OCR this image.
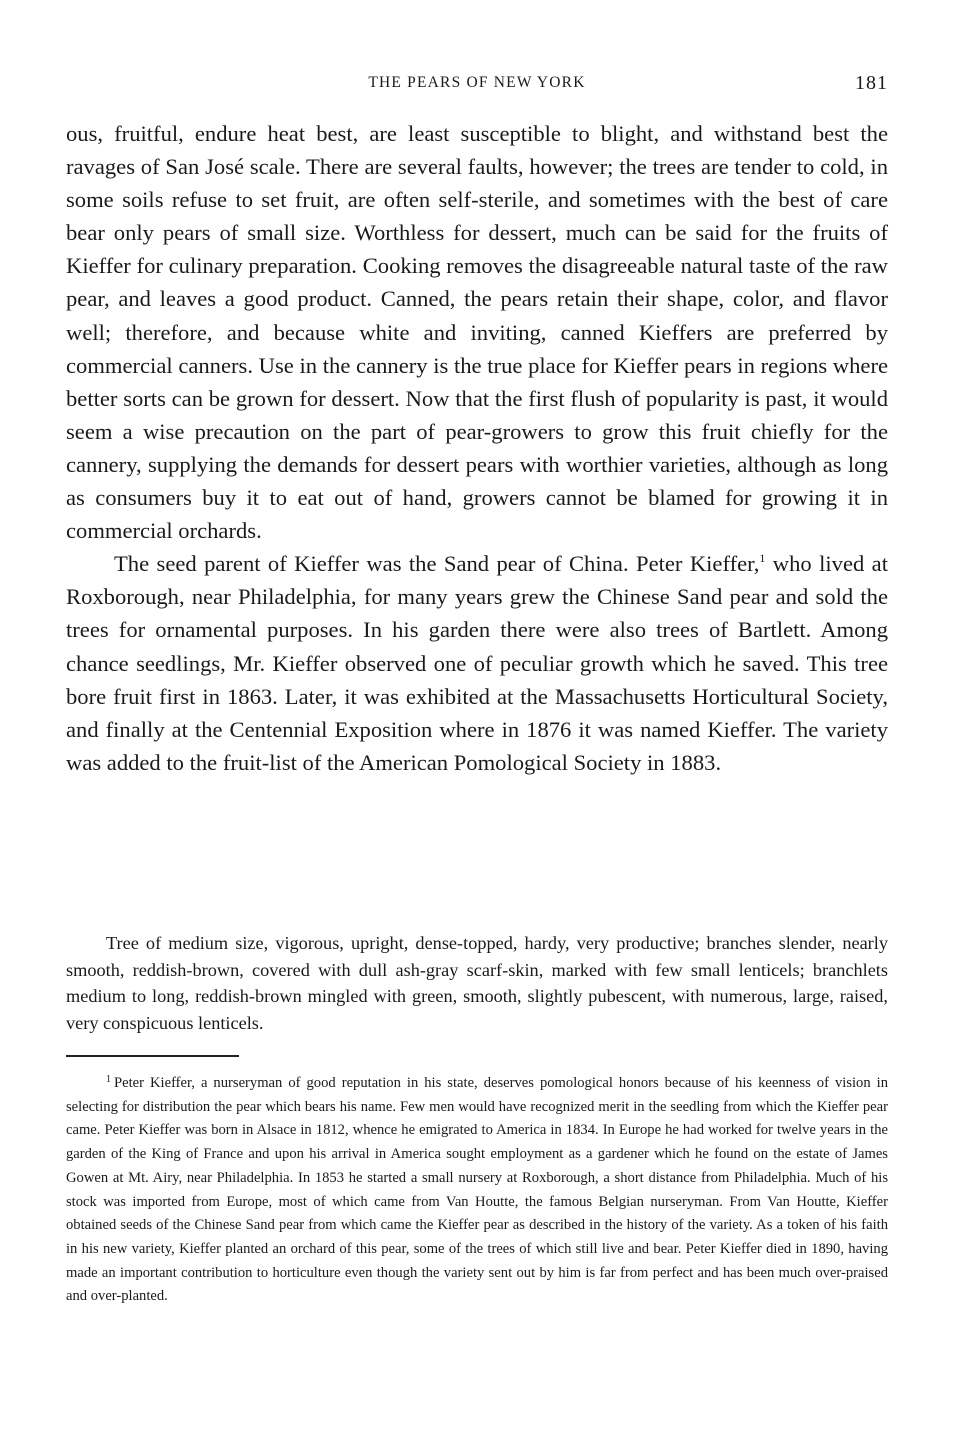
THE PEARS OF NEW YORK	181

ous, fruitful, endure heat best, are least susceptible to blight, and withstand best the ravages of San José scale. There are several faults, however; the trees are tender to cold, in some soils refuse to set fruit, are often self-sterile, and sometimes with the best of care bear only pears of small size. Worthless for dessert, much can be said for the fruits of Kieffer for culinary preparation. Cooking removes the disagreeable natural taste of the raw pear, and leaves a good product. Canned, the pears retain their shape, color, and flavor well; therefore, and because white and inviting, canned Kieffers are preferred by commercial canners. Use in the cannery is the true place for Kieffer pears in regions where better sorts can be grown for dessert. Now that the first flush of popularity is past, it would seem a wise precaution on the part of pear-growers to grow this fruit chiefly for the cannery, supplying the demands for dessert pears with worthier varieties, although as long as consumers buy it to eat out of hand, growers cannot be blamed for growing it in commercial orchards.

The seed parent of Kieffer was the Sand pear of China. Peter Kieffer,$^1$ who lived at Roxborough, near Philadelphia, for many years grew the Chinese Sand pear and sold the trees for ornamental purposes. In his garden there were also trees of Bartlett. Among chance seedlings, Mr. Kieffer observed one of peculiar growth which he saved. This tree bore fruit first in 1863. Later, it was exhibited at the Massachusetts Horticultural Society, and finally at the Centennial Exposition where in 1876 it was named Kieffer. The variety was added to the fruit-list of the American Pomological Society in 1883.

Tree of medium size, vigorous, upright, dense-topped, hardy, very productive; branches slender, nearly smooth, reddish-brown, covered with dull ash-gray scarf-skin, marked with few small lenticels; branchlets medium to long, reddish-brown mingled with green, smooth, slightly pubescent, with numerous, large, raised, very conspicuous lenticels.

$^1$ Peter Kieffer, a nurseryman of good reputation in his state, deserves pomological honors because of his keenness of vision in selecting for distribution the pear which bears his name. Few men would have recognized merit in the seedling from which the Kieffer pear came. Peter Kieffer was born in Alsace in 1812, whence he emigrated to America in 1834. In Europe he had worked for twelve years in the garden of the King of France and upon his arrival in America sought employment as a gardener which he found on the estate of James Gowen at Mt. Airy, near Philadelphia. In 1853 he started a small nursery at Roxborough, a short distance from Philadelphia. Much of his stock was imported from Europe, most of which came from Van Houtte, the famous Belgian nurseryman. From Van Houtte, Kieffer obtained seeds of the Chinese Sand pear from which came the Kieffer pear as described in the history of the variety. As a token of his faith in his new variety, Kieffer planted an orchard of this pear, some of the trees of which still live and bear. Peter Kieffer died in 1890, having made an important contribution to horticulture even though the variety sent out by him is far from perfect and has been much over-praised and over-planted.
